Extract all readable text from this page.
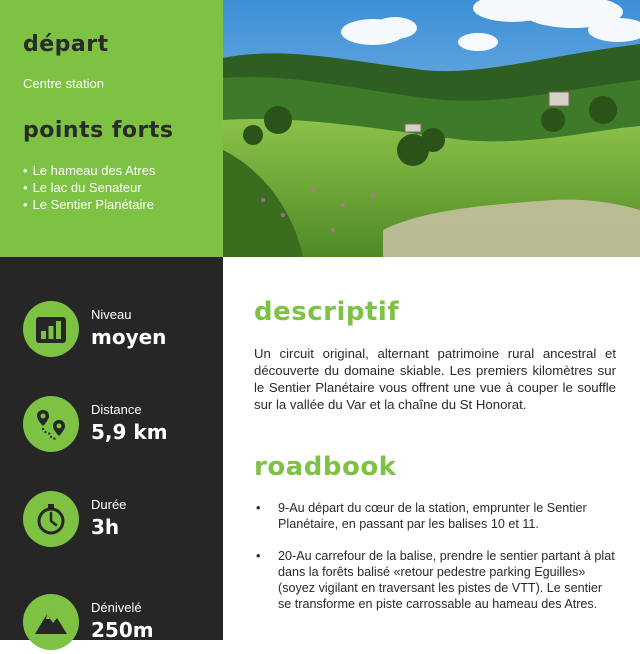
départ
Centre station
points forts
• Le hameau des Atres
• Le lac du Senateur
• Le Sentier Planétaire
Niveau
moyen
Distance
5,9 km
Durée
3h
Dénivelé
250m
descriptif

Un circuit original, alternant patrimoine rural ancestral et découverte du domaine skiable. Les premiers kilomètres sur le Sentier Planétaire vous offrent une vue à couper le souffle sur la vallée du Var et la chaîne du St Honorat.

roadbook
• 9-Au départ du cœur de la station, emprunter le Sentier Planétaire, en passant par les balises 10 et 11.
• 20-Au carrefour de la balise, prendre le sentier partant à plat dans la forêts balisé «retour pedestre parking Eguilles» (soyez vigilant en traversant les pistes de VTT). Le sentier se transforme en piste carrossable au hameau des Atres.
